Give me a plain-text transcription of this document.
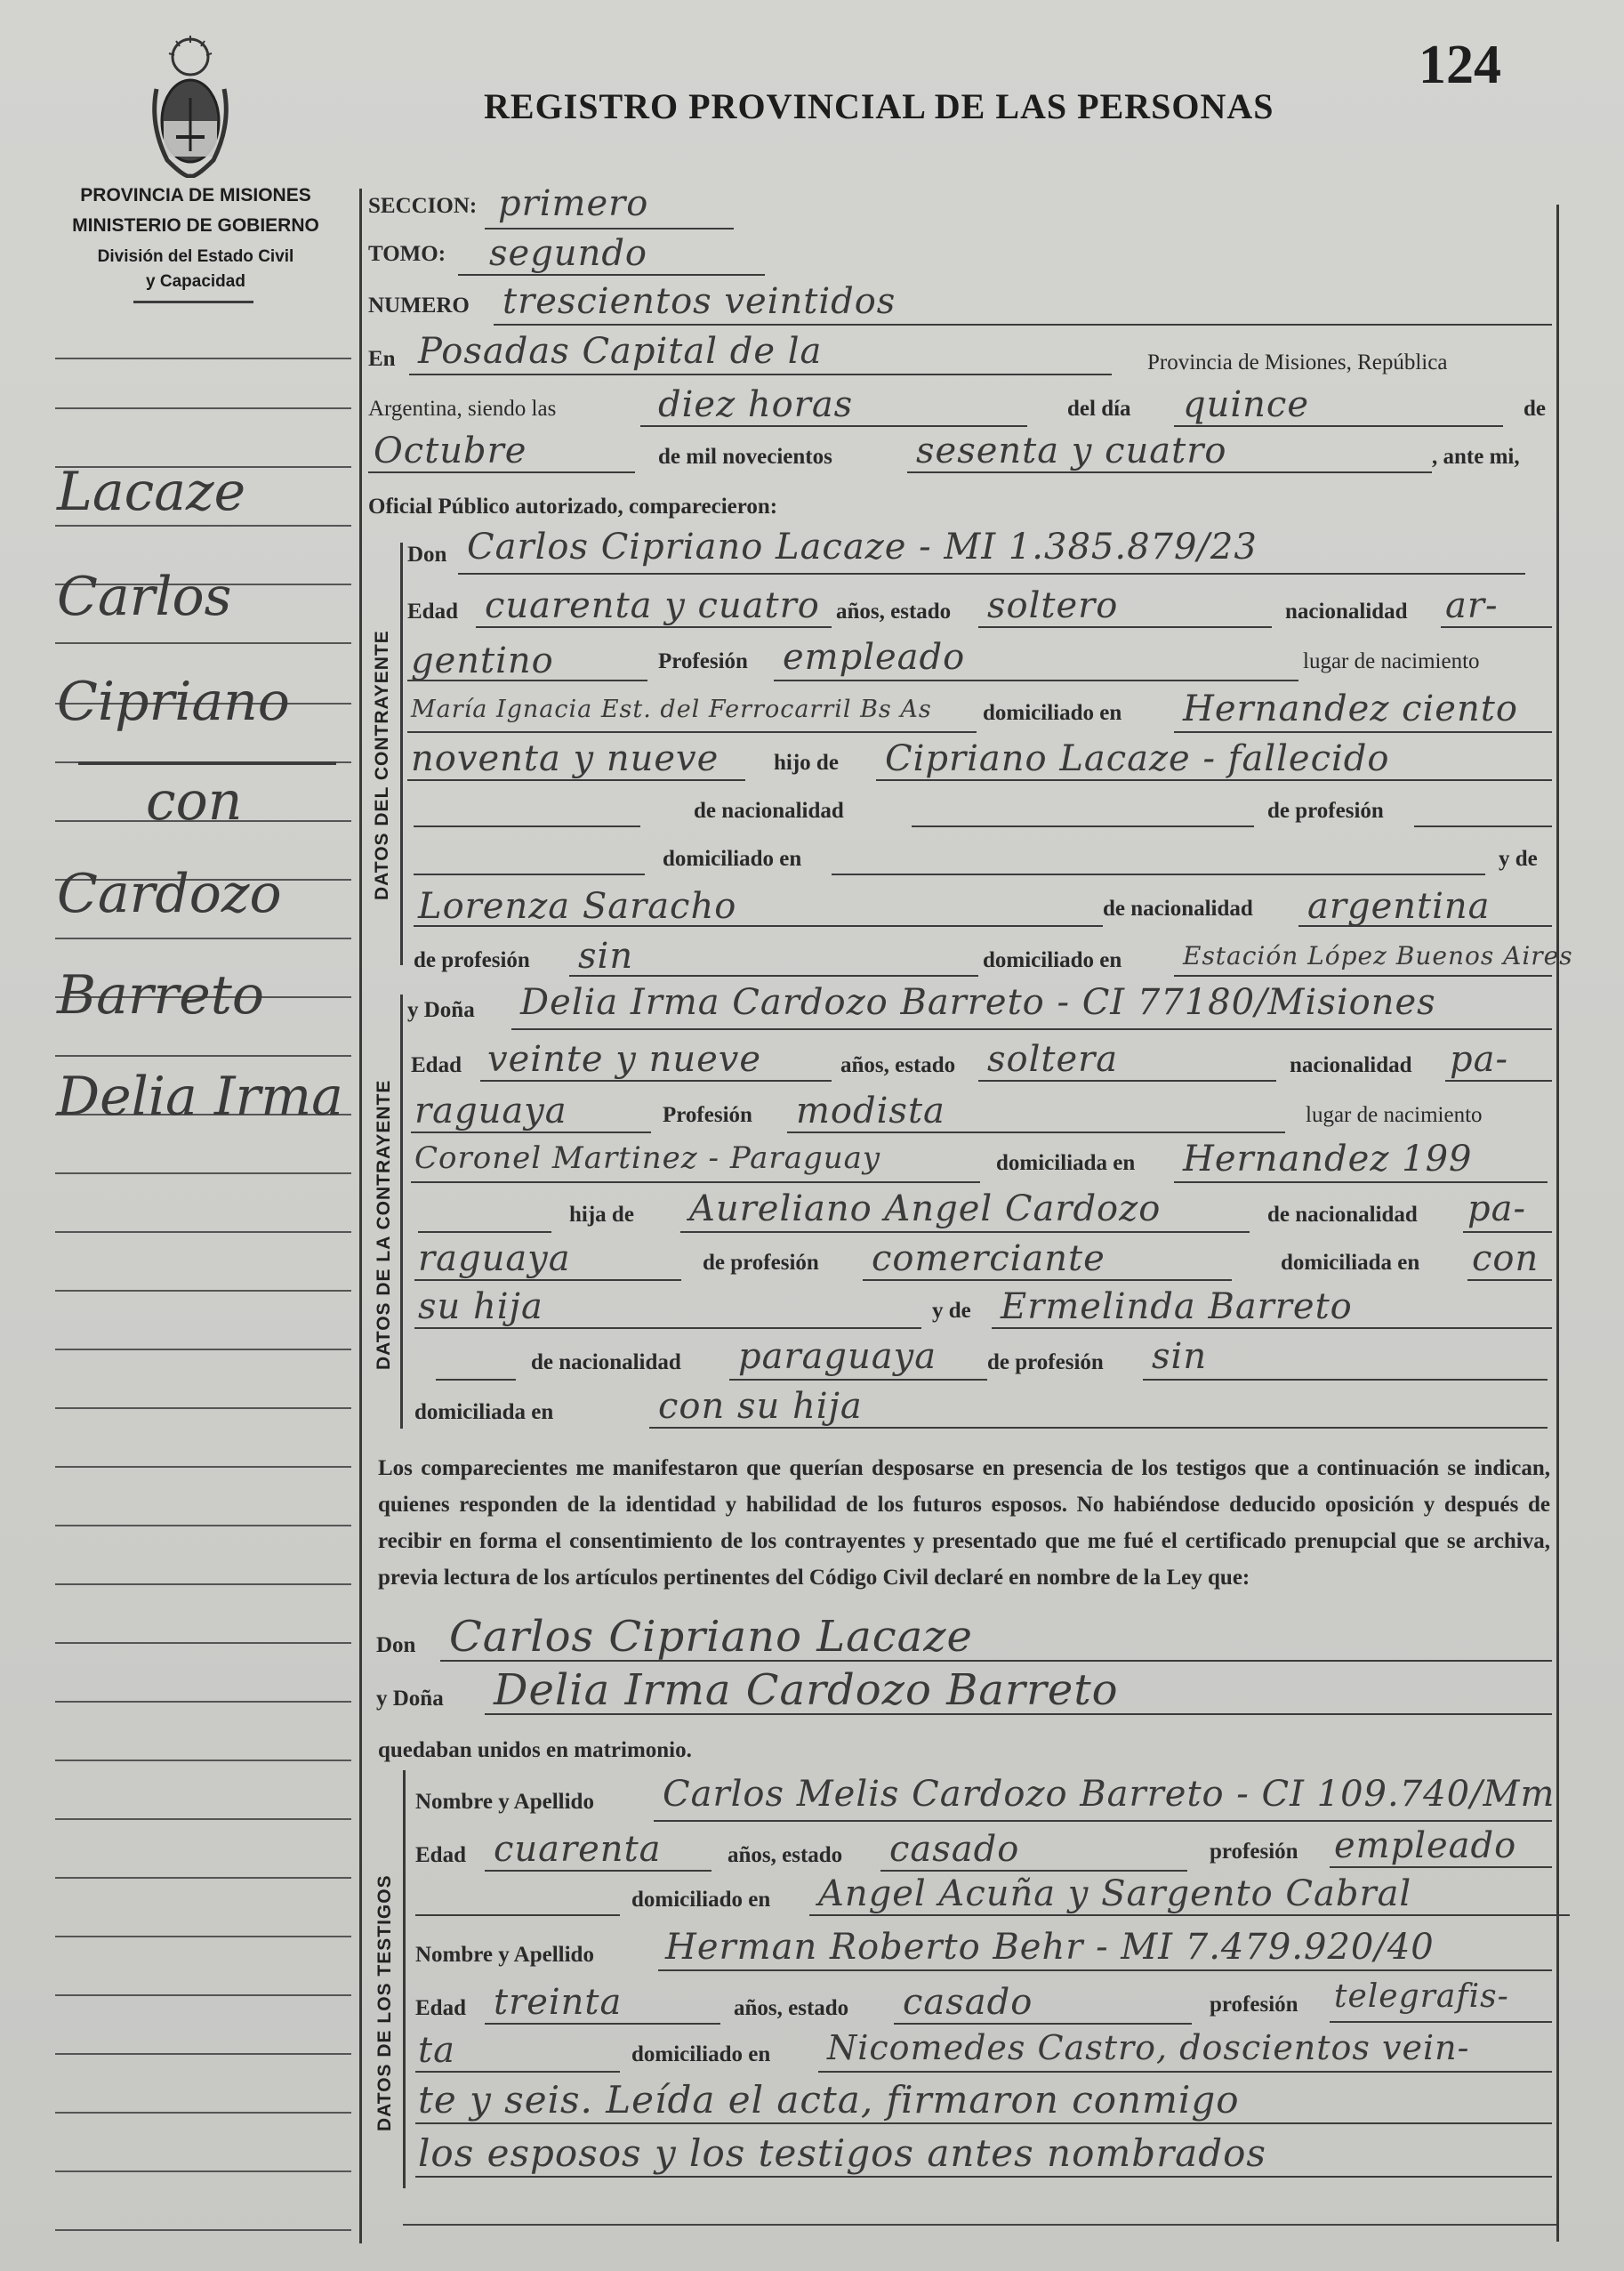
PROVINCIA DE MISIONES
MINISTERIO DE GOBIERNO
División del Estado Civil
y Capacidad
REGISTRO PROVINCIAL DE LAS PERSONAS
124
Lacaze
Carlos
Cipriano
con
Cardozo
Barreto
Delia Irma
SECCION: primero
TOMO: segundo
NUMERO trescientos veintidos
En Posadas Capital de la	Provincia de Misiones, República
Argentina, siendo las	diez horas	del día quince	de
Octubre	de mil novecientos sesenta y cuatro	, ante mi,
Oficial Público autorizado, comparecieron:
DATOS DEL CONTRAYENTE
Don Carlos Cipriano Lacaze - MI 1.385.879/23
Edad cuarenta y cuatro años, estado soltero	nacionalidad ar-
gentino	Profesión empleado	lugar de nacimiento
María Ignacia Est. del Ferrocarril Bs As domiciliado en Hernandez ciento
noventa y nueve hijo de Cipriano Lacaze - fallecido
de nacionalidad	de profesión
domiciliado en	y de
Lorenza Saracho	de nacionalidad argentina
de profesión sin	domiciliado en Estación López Buenos Aires
DATOS DE LA CONTRAYENTE
y Doña Delia Irma Cardozo Barreto - CI 77180/Misiones
Edad veinte y nueve	años, estado soltera	nacionalidad pa-
raguaya	Profesión modista	lugar de nacimiento
Coronel Martinez - Paraguay	domiciliada en Hernandez 199
hija de Aureliano Angel Cardozo	de nacionalidad pa-
raguaya	de profesión comerciante	domiciliada en con
su hija	y de Ermelinda Barreto
de nacionalidad paraguaya de profesión sin
domiciliada en	con su hija
Los comparecientes me manifestaron que querían desposarse en presencia de los testigos que a continuación se indican, quienes responden de la identidad y habilidad de los futuros esposos. No habiéndose deducido oposición y después de recibir en forma el consentimiento de los contrayentes y presentado que me fué el certificado prenupcial que se archiva, previa lectura de los artículos pertinentes del Código Civil declaré en nombre de la Ley que:
Don Carlos Cipriano Lacaze
y Doña Delia Irma Cardozo Barreto
quedaban unidos en matrimonio.
DATOS DE LOS TESTIGOS
Nombre y Apellido Carlos Melis Cardozo Barreto - CI 109.740/Mm
Edad cuarenta	años, estado casado	profesión empleado
domiciliado en Angel Acuña y Sargento Cabral
Nombre y Apellido Herman Roberto Behr - MI 7.479.920/40
Edad treinta	años, estado casado	profesión telegrafis-
ta	domiciliado en Nicomedes Castro, doscientos vein-
te y seis. Leída el acta, firmaron conmigo
los esposos y los testigos antes nombrados
